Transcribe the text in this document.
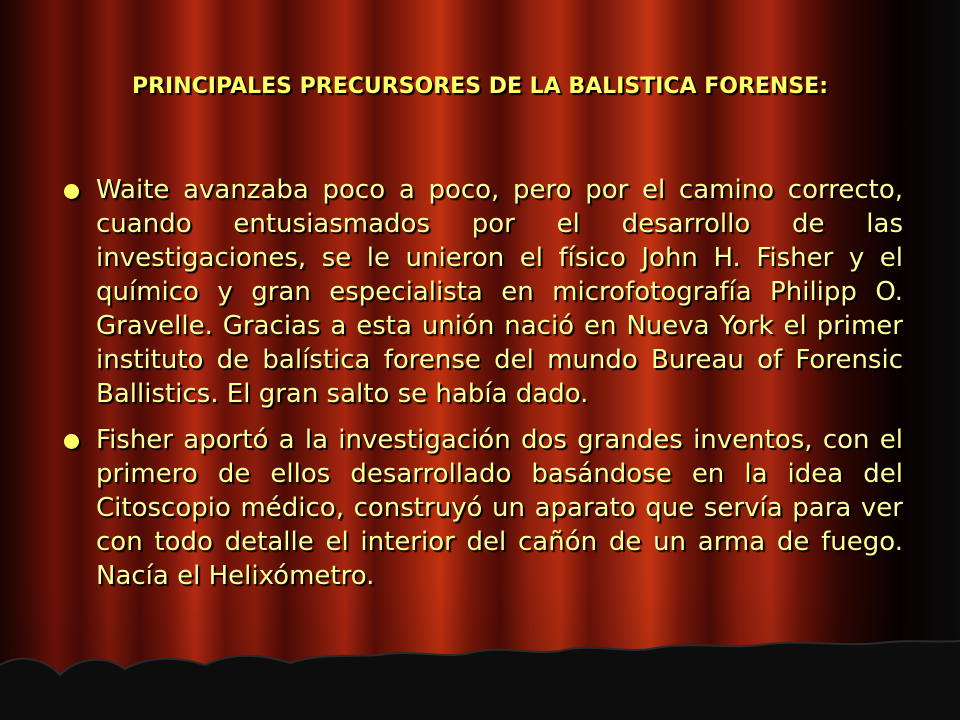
PRINCIPALES PRECURSORES DE LA BALISTICA FORENSE:
Waite avanzaba poco a poco, pero por el camino correcto, cuando entusiasmados por el desarrollo de las investigaciones, se le unieron el físico John H. Fisher y el químico y gran especialista en microfotografía Philipp O. Gravelle. Gracias a esta unión nació en Nueva York el primer instituto de balística forense del mundo Bureau of Forensic Ballistics. El gran salto se había dado.
Fisher aportó a la investigación dos grandes inventos, con el primero de ellos desarrollado basándose en la idea del Citoscopio médico, construyó un aparato que servía para ver con todo detalle el interior del cañón de un arma de fuego. Nacía el Helixómetro.
